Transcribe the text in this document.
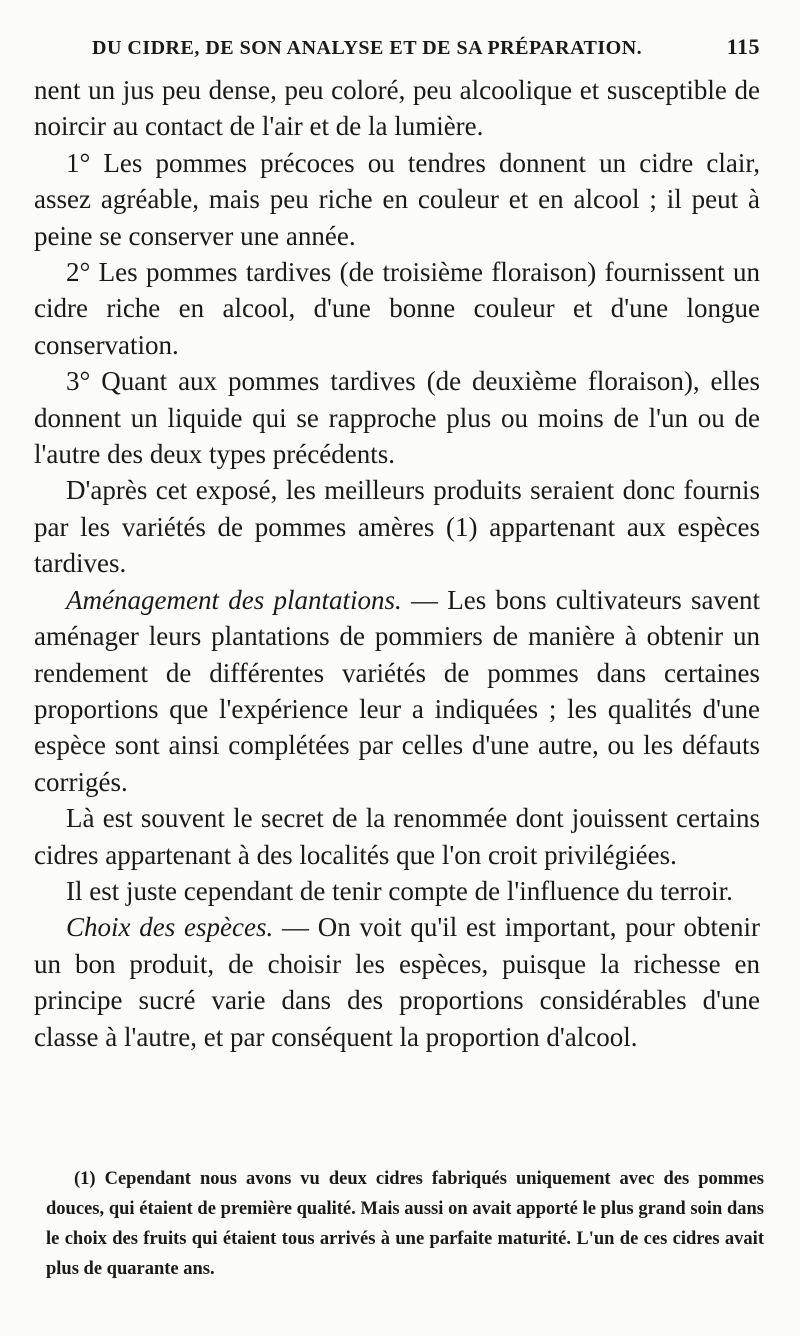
DU CIDRE, DE SON ANALYSE ET DE SA PRÉPARATION.	115

nent un jus peu dense, peu coloré, peu alcoolique et susceptible de noircir au contact de l'air et de la lumière.

1° Les pommes précoces ou tendres donnent un cidre clair, assez agréable, mais peu riche en couleur et en alcool ; il peut à peine se conserver une année.

2° Les pommes tardives (de troisième floraison) fournissent un cidre riche en alcool, d'une bonne couleur et d'une longue conservation.

3° Quant aux pommes tardives (de deuxième floraison), elles donnent un liquide qui se rapproche plus ou moins de l'un ou de l'autre des deux types précédents.

D'après cet exposé, les meilleurs produits seraient donc fournis par les variétés de pommes amères (1) appartenant aux espèces tardives.

Aménagement des plantations. — Les bons cultivateurs savent aménager leurs plantations de pommiers de manière à obtenir un rendement de différentes variétés de pommes dans certaines proportions que l'expérience leur a indiquées ; les qualités d'une espèce sont ainsi complétées par celles d'une autre, ou les défauts corrigés.

Là est souvent le secret de la renommée dont jouissent certains cidres appartenant à des localités que l'on croit privilégiées.

Il est juste cependant de tenir compte de l'influence du terroir.

Choix des espèces. — On voit qu'il est important, pour obtenir un bon produit, de choisir les espèces, puisque la richesse en principe sucré varie dans des proportions considérables d'une classe à l'autre, et par conséquent la proportion d'alcool.

(1) Cependant nous avons vu deux cidres fabriqués uniquement avec des pommes douces, qui étaient de première qualité. Mais aussi on avait apporté le plus grand soin dans le choix des fruits qui étaient tous arrivés à une parfaite maturité. L'un de ces cidres avait plus de quarante ans.
